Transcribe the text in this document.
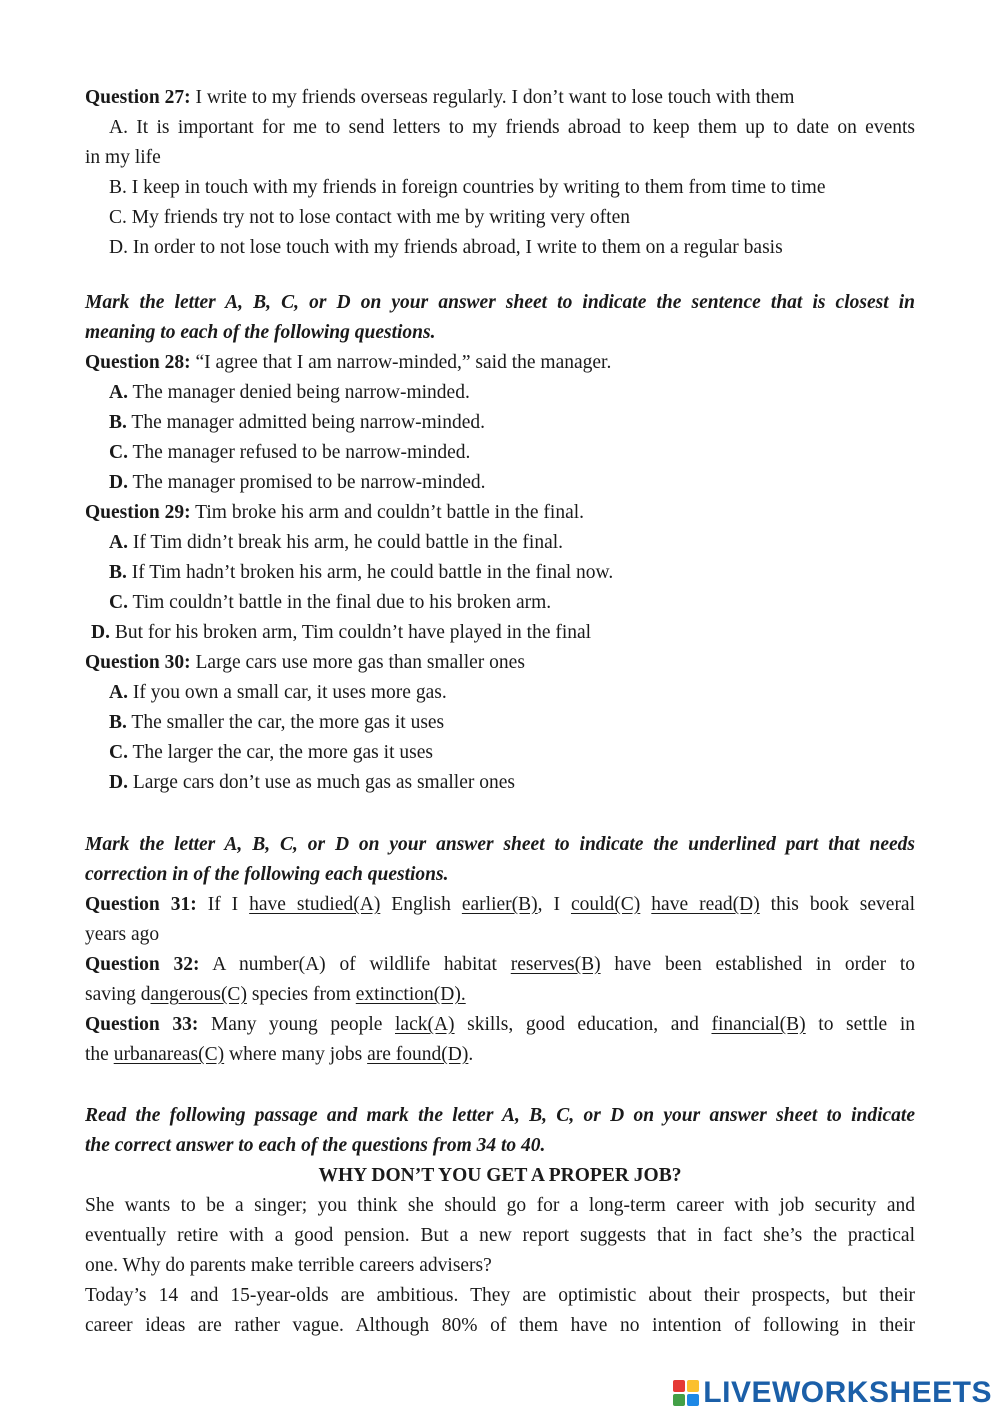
Question 27: I write to my friends overseas regularly. I don’t want to lose touch with them
A. It is important for me to send letters to my friends abroad to keep them up to date on events
in my life
B. I keep in touch with my friends in foreign countries by writing to them from time to time
C. My friends try not to lose contact with me by writing very often
D. In order to not lose touch with my friends abroad, I write to them on a regular basis
Mark the letter A, B, C, or D on your answer sheet to indicate the sentence that is closest in
meaning to each of the following questions.
Question 28: “I agree that I am narrow-minded,” said the manager.
A. The manager denied being narrow-minded.
B. The manager admitted being narrow-minded.
C. The manager refused to be narrow-minded.
D. The manager promised to be narrow-minded.
Question 29: Tim broke his arm and couldn’t battle in the final.
A. If Tim didn’t break his arm, he could battle in the final.
B. If Tim hadn’t broken his arm, he could battle in the final now.
C. Tim couldn’t battle in the final due to his broken arm.
D. But for his broken arm, Tim couldn’t have played in the final
Question 30: Large cars use more gas than smaller ones
A. If you own a small car, it uses more gas.
B. The smaller the car, the more gas it uses
C. The larger the car, the more gas it uses
D. Large cars don’t use as much gas as smaller ones
Mark the letter A, B, C, or D on your answer sheet to indicate the underlined part that needs
correction in of the following each questions.
Question 31: If I have studied(A) English earlier(B), I could(C) have read(D) this book several
years ago
Question 32: A number(A) of wildlife habitat reserves(B) have been established in order to
saving dangerous(C) species from extinction(D).
Question 33: Many young people lack(A) skills, good education, and financial(B) to settle in
the urbanareas(C) where many jobs are found(D).
Read the following passage and mark the letter A, B, C, or D on your answer sheet to indicate
the correct answer to each of the questions from 34 to 40.
WHY DON’T YOU GET A PROPER JOB?
She wants to be a singer; you think she should go for a long-term career with job security and
eventually retire with a good pension. But a new report suggests that in fact she’s the practical
one. Why do parents make terrible careers advisers?
Today’s 14 and 15-year-olds are ambitious. They are optimistic about their prospects, but their
career ideas are rather vague. Although 80% of them have no intention of following in their
LIVEWORKSHEETS
